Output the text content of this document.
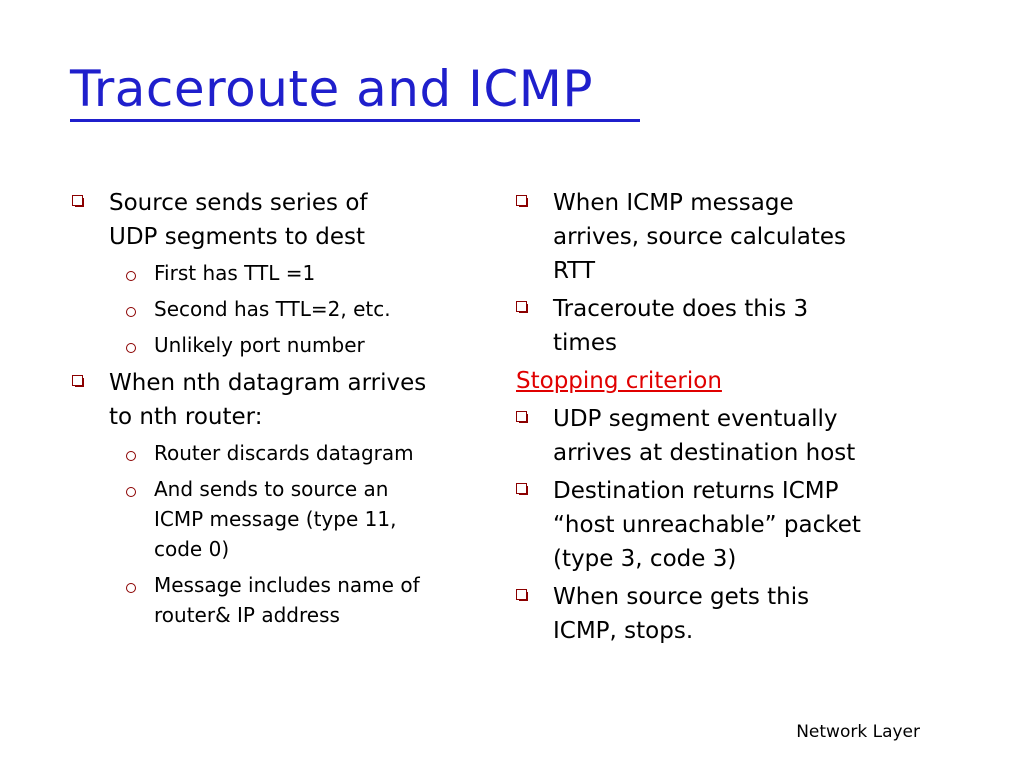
Traceroute and ICMP
Source sends series of
UDP segments to dest
First has TTL =1
Second has TTL=2, etc.
Unlikely port number
When nth datagram arrives
to nth router:
Router discards datagram
And sends to source an
ICMP message (type 11,
code 0)
Message includes name of
router& IP address
When ICMP message
arrives, source calculates
RTT
Traceroute does this 3
times
Stopping criterion
UDP segment eventually
arrives at destination host
Destination returns ICMP
“host unreachable” packet
(type 3, code 3)
When source gets this
ICMP, stops.
Network Layer
